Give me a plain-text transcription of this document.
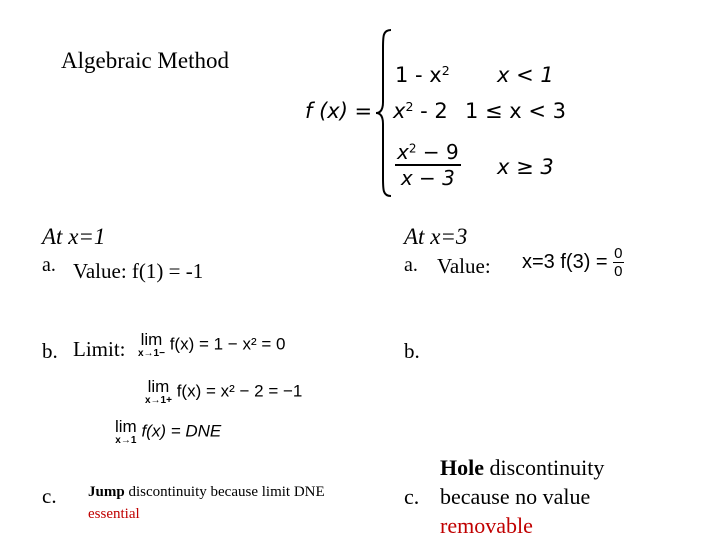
Algebraic Method
f (x) =
$1 - x^2$ x < 1
$x^2 - 2$ 1 ≤ x < 3
$\frac{x^2 - 9}{x - 3}$ x ≥ 3
At x=1
a. Value: f(1) = -1
b. Limit: lim
x→1−
f(x) = 1 − x² = 0
lim
x→1+
f(x) = x² − 2 = −1
lim
x→1
f(x) = DNE
c. Jump discontinuity because limit DNE
essential
At x=3
a. Value: x=3 $f(3) = \frac{0}{0}$
b.
c.
Hole discontinuity
because no value
removable
